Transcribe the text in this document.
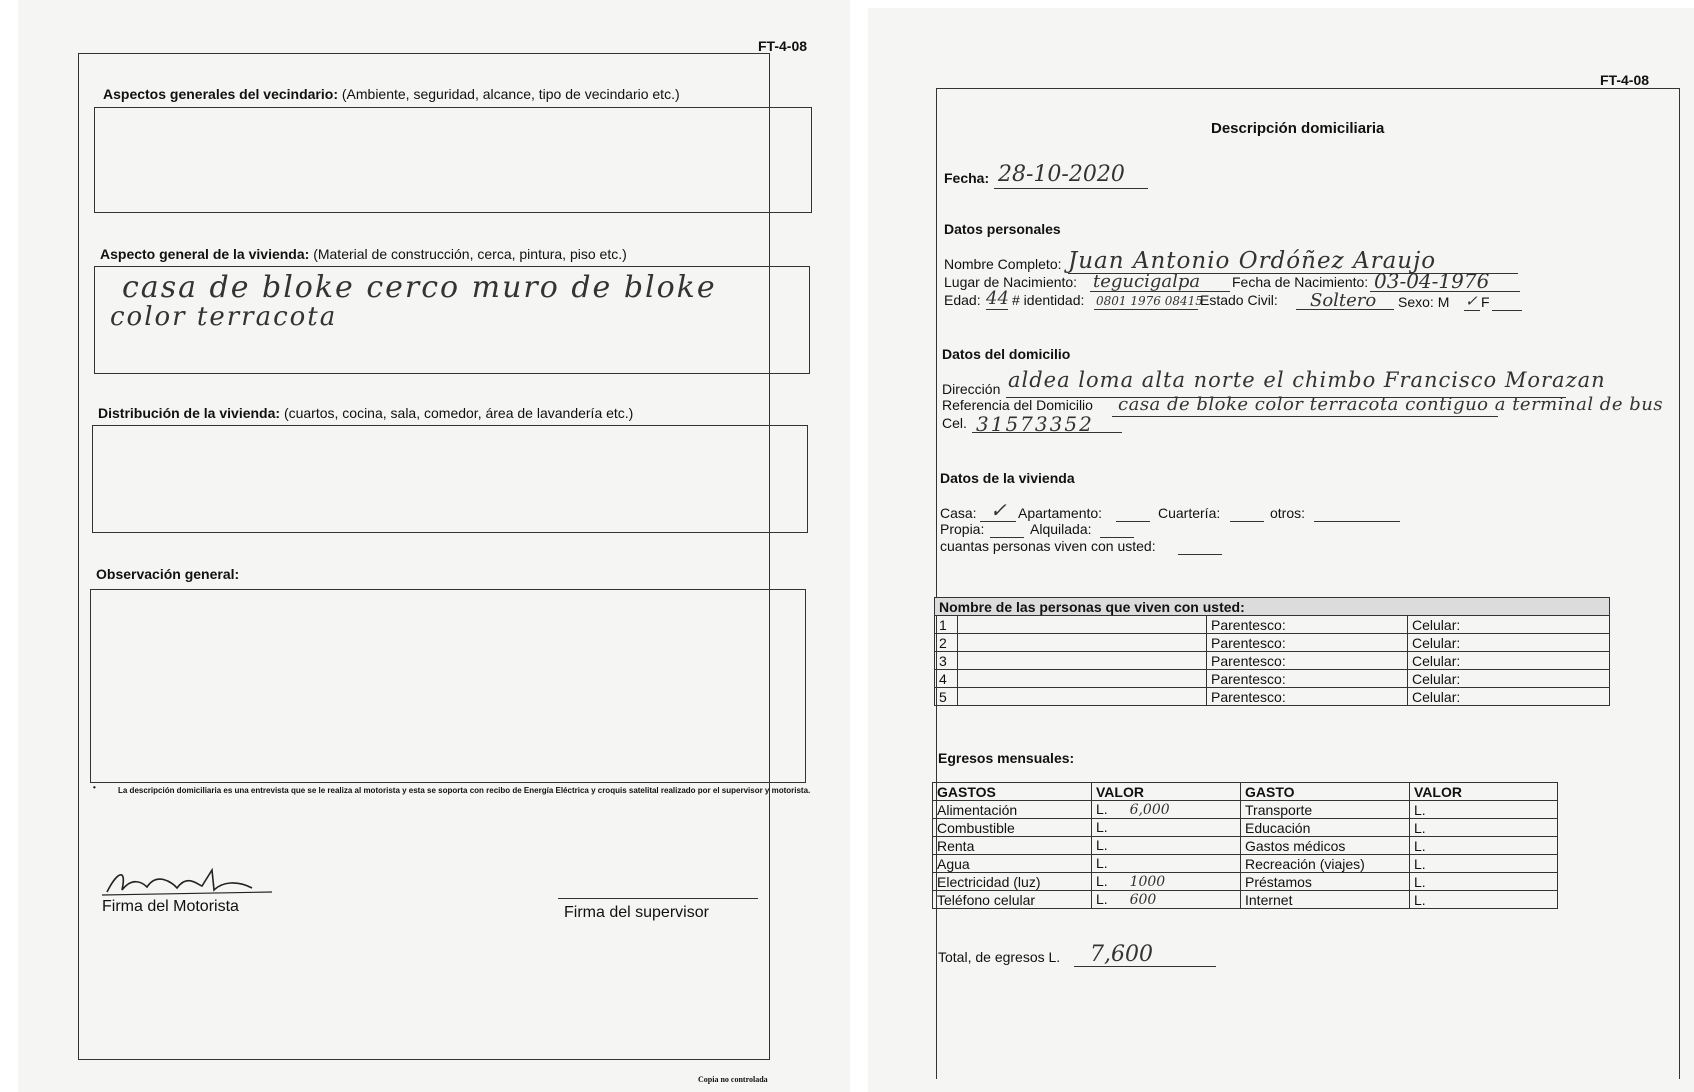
FT-4-08
Aspectos generales del vecindario: (Ambiente, seguridad, alcance, tipo de vecindario etc.)
Aspecto general de la vivienda: (Material de construcción, cerca, pintura, piso etc.)
casa de bloke cerco muro de bloke
color terracota
Distribución de la vivienda: (cuartos, cocina, sala, comedor, área de lavandería etc.)
Observación general:
•	La descripción domiciliaria es una entrevista que se le realiza al motorista y esta se soporta con recibo de Energía Eléctrica y croquis satelital realizado por el supervisor y motorista.
Firma del Motorista	Firma del supervisor
Copia no controlada
FT-4-08
Descripción domiciliaria
Fecha: 28-10-2020
Datos personales
Nombre Completo: Juan Antonio Ordóñez Araujo
Lugar de Nacimiento: tegucigalpa Fecha de Nacimiento: 03-04-1976
Edad: 44 # identidad: 0801 1976 08415
Estado Civil: Soltero Sexo: M ✓ F
Datos del domicilio
Dirección aldea loma alta norte el chimbo Francisco Morazan
Referencia del Domicilio casa de bloke color terracota contiguo a terminal de bus
Cel. 31573352
Datos de la vivienda
Casa: ✓ Apartamento:	Cuartería:	otros:
Propia:	Alquilada:
cuantas personas viven con usted:
Nombre de las personas que viven con usted:			
1		Parentesco:	Celular:
2		Parentesco:	Celular:
3		Parentesco:	Celular:
4		Parentesco:	Celular:
5		Parentesco:	Celular:
Egresos mensuales:
GASTOS	VALOR	GASTO	VALOR
Alimentación	L. 6,000	Transporte	L.
Combustible	L.	Educación	L.
Renta	L.	Gastos médicos	L.
Agua	L.	Recreación (viajes)	L.
Electricidad (luz)	L. 1000	Préstamos	L.
Teléfono celular	L. 600	Internet	L.
Total, de egresos L. 7,600
